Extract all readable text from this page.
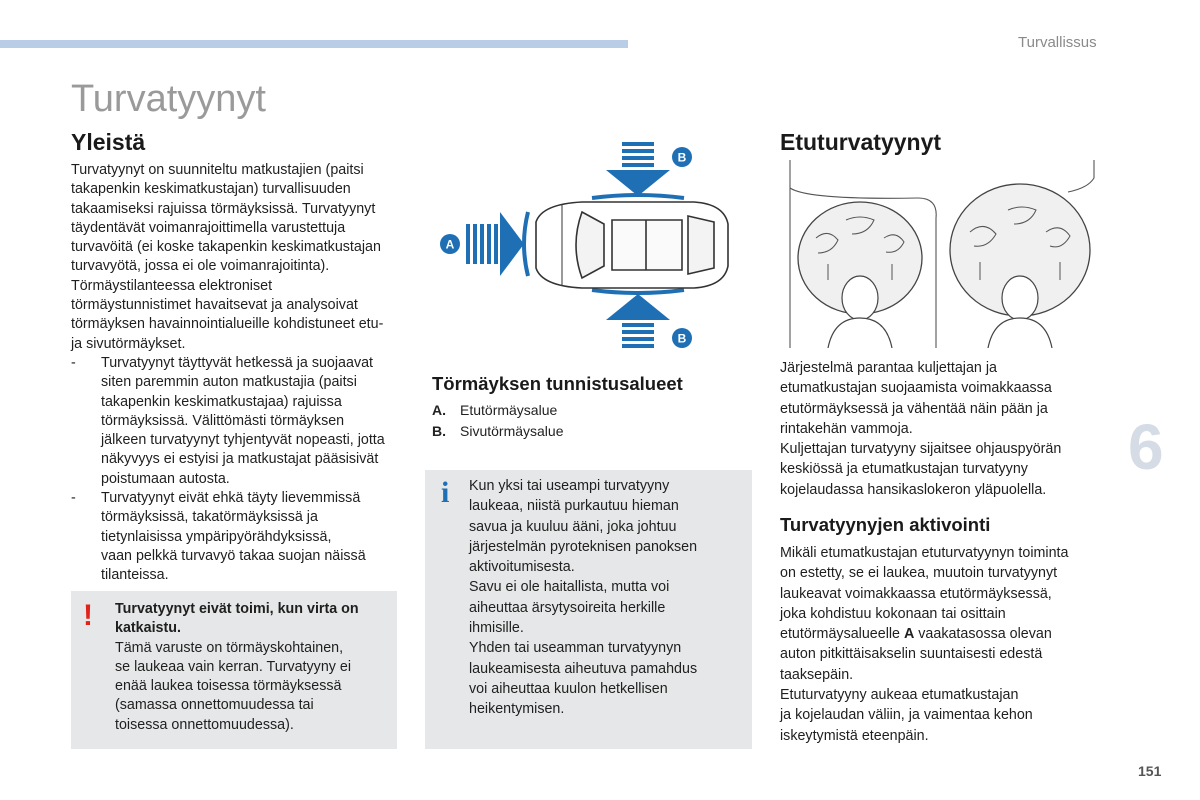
Turvallissus
Turvatyynyt
Yleistä

Turvatyynyt on suunniteltu matkustajien (paitsi

takapenkin keskimatkustajan) turvallisuuden

takaamiseksi rajuissa törmäyksissä. Turvatyynyt

täydentävät voimanrajoittimella varustettuja

turvavöitä (ei koske takapenkin keskimatkustajan

turvavyötä, jossa ei ole voimanrajoitinta).

Törmäystilanteessa elektroniset

törmäystunnistimet havaitsevat ja analysoivat

törmäyksen havainnointialueille kohdistuneet etu-

ja sivutörmäykset.

-	Turvatyynyt täyttyvät hetkessä ja suojaavat

siten paremmin auton matkustajia (paitsi

takapenkin keskimatkustajaa) rajuissa

törmäyksissä. Välittömästi törmäyksen

jälkeen turvatyynyt tyhjentyvät nopeasti, jotta

näkyvyys ei estyisi ja matkustajat pääsisivät

poistumaan autosta.

-	Turvatyynyt eivät ehkä täyty lievemmissä

törmäyksissä, takatörmäyksissä ja

tietynlaisissa ympäripyörähdyksissä,

vaan pelkkä turvavyö takaa suojan näissä

tilanteissa.

! Turvatyynyt eivät toimi, kun virta on

katkaistu.

Tämä varuste on törmäyskohtainen,

se laukeaa vain kerran. Turvatyyny ei

enää laukea toisessa törmäyksessä

(samassa onnettomuudessa tai

toisessa onnettomuudessa).

A
B
B
Törmäyksen tunnistusalueet
A.	Etutörmäysalue
B.	Sivutörmäysalue
i Kun yksi tai useampi turvatyyny

laukeaa, niistä purkautuu hieman

savua ja kuuluu ääni, joka johtuu

järjestelmän pyroteknisen panoksen

aktivoitumisesta.

Savu ei ole haitallista, mutta voi

aiheuttaa ärsytysoireita herkille

ihmisille.

Yhden tai useamman turvatyynyn

laukeamisesta aiheutuva pamahdus

voi aiheuttaa kuulon hetkellisen

heikentymisen.

Etuturvatyynyt

Järjestelmä parantaa kuljettajan ja

etumatkustajan suojaamista voimakkaassa

etutörmäyksessä ja vähentää näin pään ja

rintakehän vammoja.

Kuljettajan turvatyyny sijaitsee ohjauspyörän

keskiössä ja etumatkustajan turvatyyny

kojelaudassa hansikaslokeron yläpuolella.

Turvatyynyjen aktivointi

Mikäli etumatkustajan etuturvatyynyn toiminta

on estetty, se ei laukea, muutoin turvatyynyt

laukeavat voimakkaassa etutörmäyksessä,

joka kohdistuu kokonaan tai osittain

etutörmäysalueelle A vaakatasossa olevan

auton pitkittäisakselin suuntaisesti edestä

taaksepäin.

Etuturvatyyny aukeaa etumatkustajan

ja kojelaudan väliin, ja vaimentaa kehon

iskeytymistä eteenpäin.

6
151
